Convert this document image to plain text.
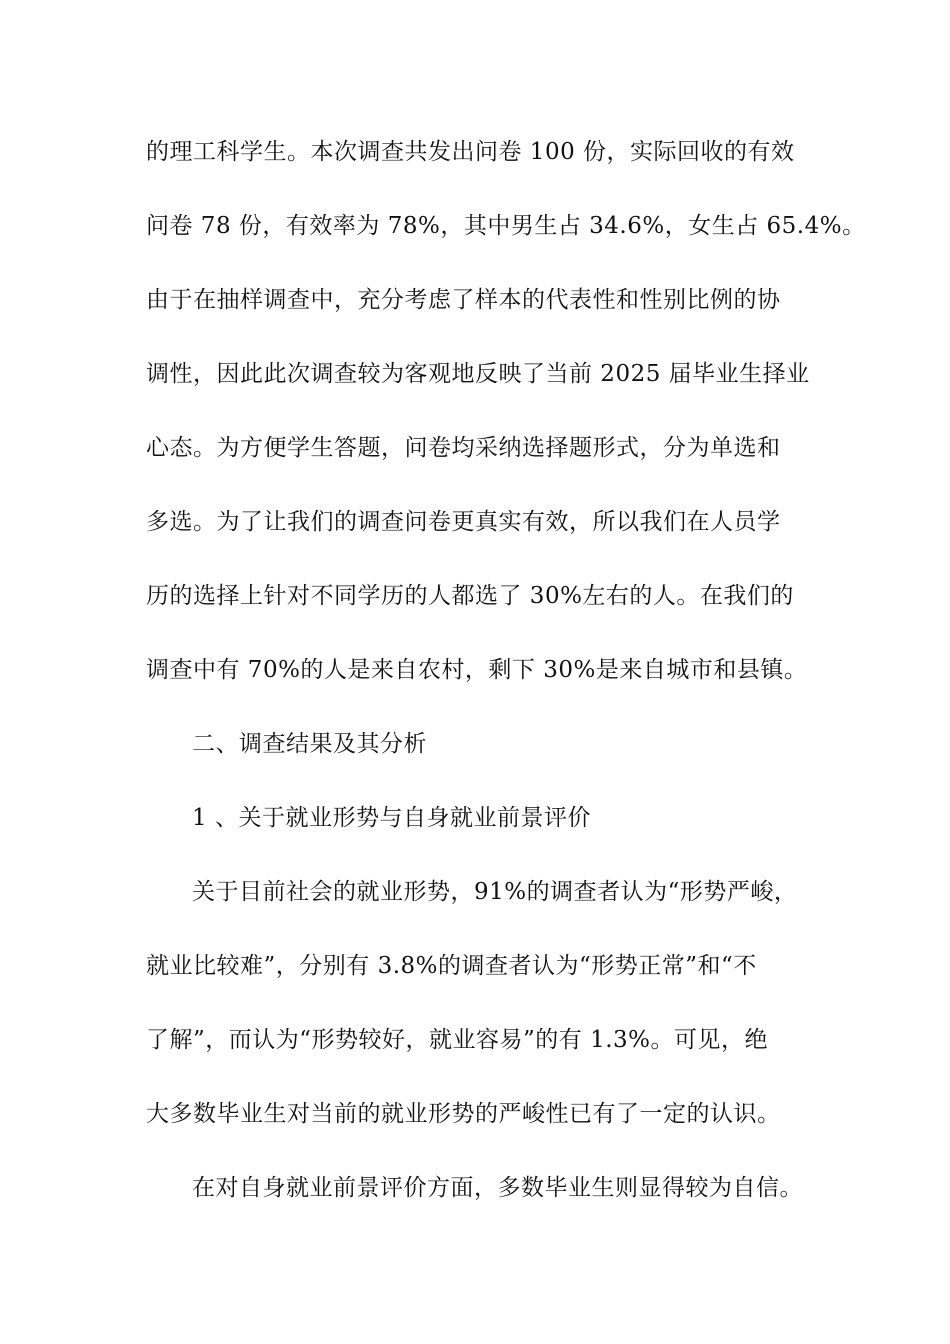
的理工科学生。本次调查共发出问卷 100 份，实际回收的有效
问卷 78 份，有效率为 78%，其中男生占 34.6%，女生占 65.4%。
由于在抽样调查中，充分考虑了样本的代表性和性别比例的协
调性，因此此次调查较为客观地反映了当前 2025 届毕业生择业
心态。为方便学生答题，问卷均采纳选择题形式，分为单选和
多选。为了让我们的调查问卷更真实有效，所以我们在人员学
历的选择上针对不同学历的人都选了 30%左右的人。在我们的
调查中有 70%的人是来自农村，剩下 30%是来自城市和县镇。
二、调查结果及其分析
1 、关于就业形势与自身就业前景评价
关于目前社会的就业形势，91%的调查者认为“形势严峻，
就业比较难”，分别有 3.8%的调查者认为“形势正常”和“不
了解”，而认为“形势较好，就业容易”的有 1.3%。可见，绝
大多数毕业生对当前的就业形势的严峻性已有了一定的认识。
在对自身就业前景评价方面，多数毕业生则显得较为自信。
